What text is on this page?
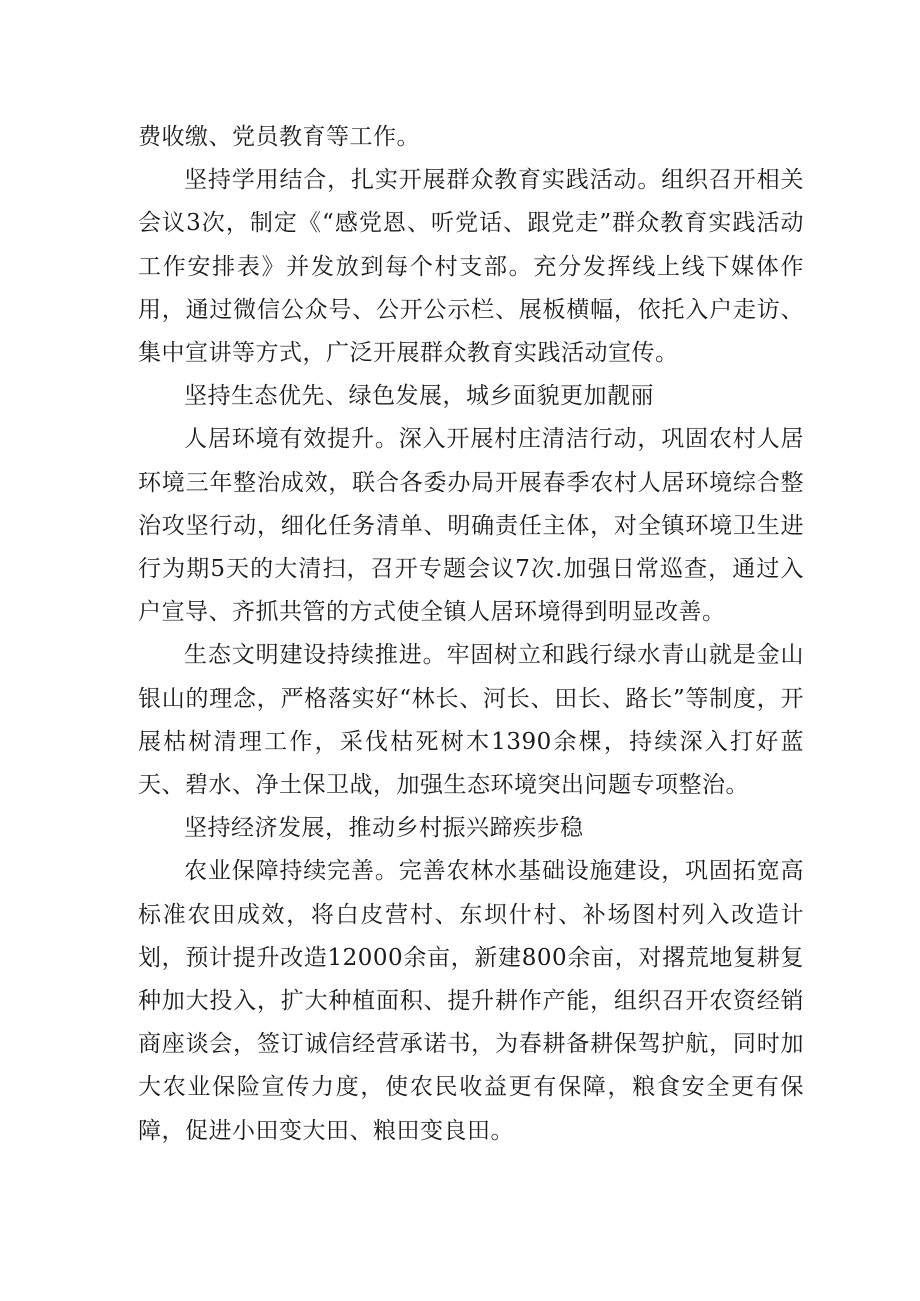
费收缴、党员教育等工作。

坚持学用结合，扎实开展群众教育实践活动。组织召开相关会议3次，制定《“感党恩、听党话、跟党走”群众教育实践活动工作安排表》并发放到每个村支部。充分发挥线上线下媒体作用，通过微信公众号、公开公示栏、展板横幅，依托入户走访、集中宣讲等方式，广泛开展群众教育实践活动宣传。

坚持生态优先、绿色发展，城乡面貌更加靓丽

人居环境有效提升。深入开展村庄清洁行动，巩固农村人居环境三年整治成效，联合各委办局开展春季农村人居环境综合整治攻坚行动，细化任务清单、明确责任主体，对全镇环境卫生进行为期5天的大清扫，召开专题会议7次.加强日常巡查，通过入户宣导、齐抓共管的方式使全镇人居环境得到明显改善。

生态文明建设持续推进。牢固树立和践行绿水青山就是金山银山的理念，严格落实好“林长、河长、田长、路长”等制度，开展枯树清理工作，采伐枯死树木1390余棵，持续深入打好蓝天、碧水、净土保卫战，加强生态环境突出问题专项整治。

坚持经济发展，推动乡村振兴蹄疾步稳

农业保障持续完善。完善农林水基础设施建设，巩固拓宽高标准农田成效，将白皮营村、东坝什村、补场图村列入改造计划，预计提升改造12000余亩，新建800余亩，对撂荒地复耕复种加大投入，扩大种植面积、提升耕作产能，组织召开农资经销商座谈会，签订诚信经营承诺书，为春耕备耕保驾护航，同时加大农业保险宣传力度，使农民收益更有保障，粮食安全更有保障，促进小田变大田、粮田变良田。
